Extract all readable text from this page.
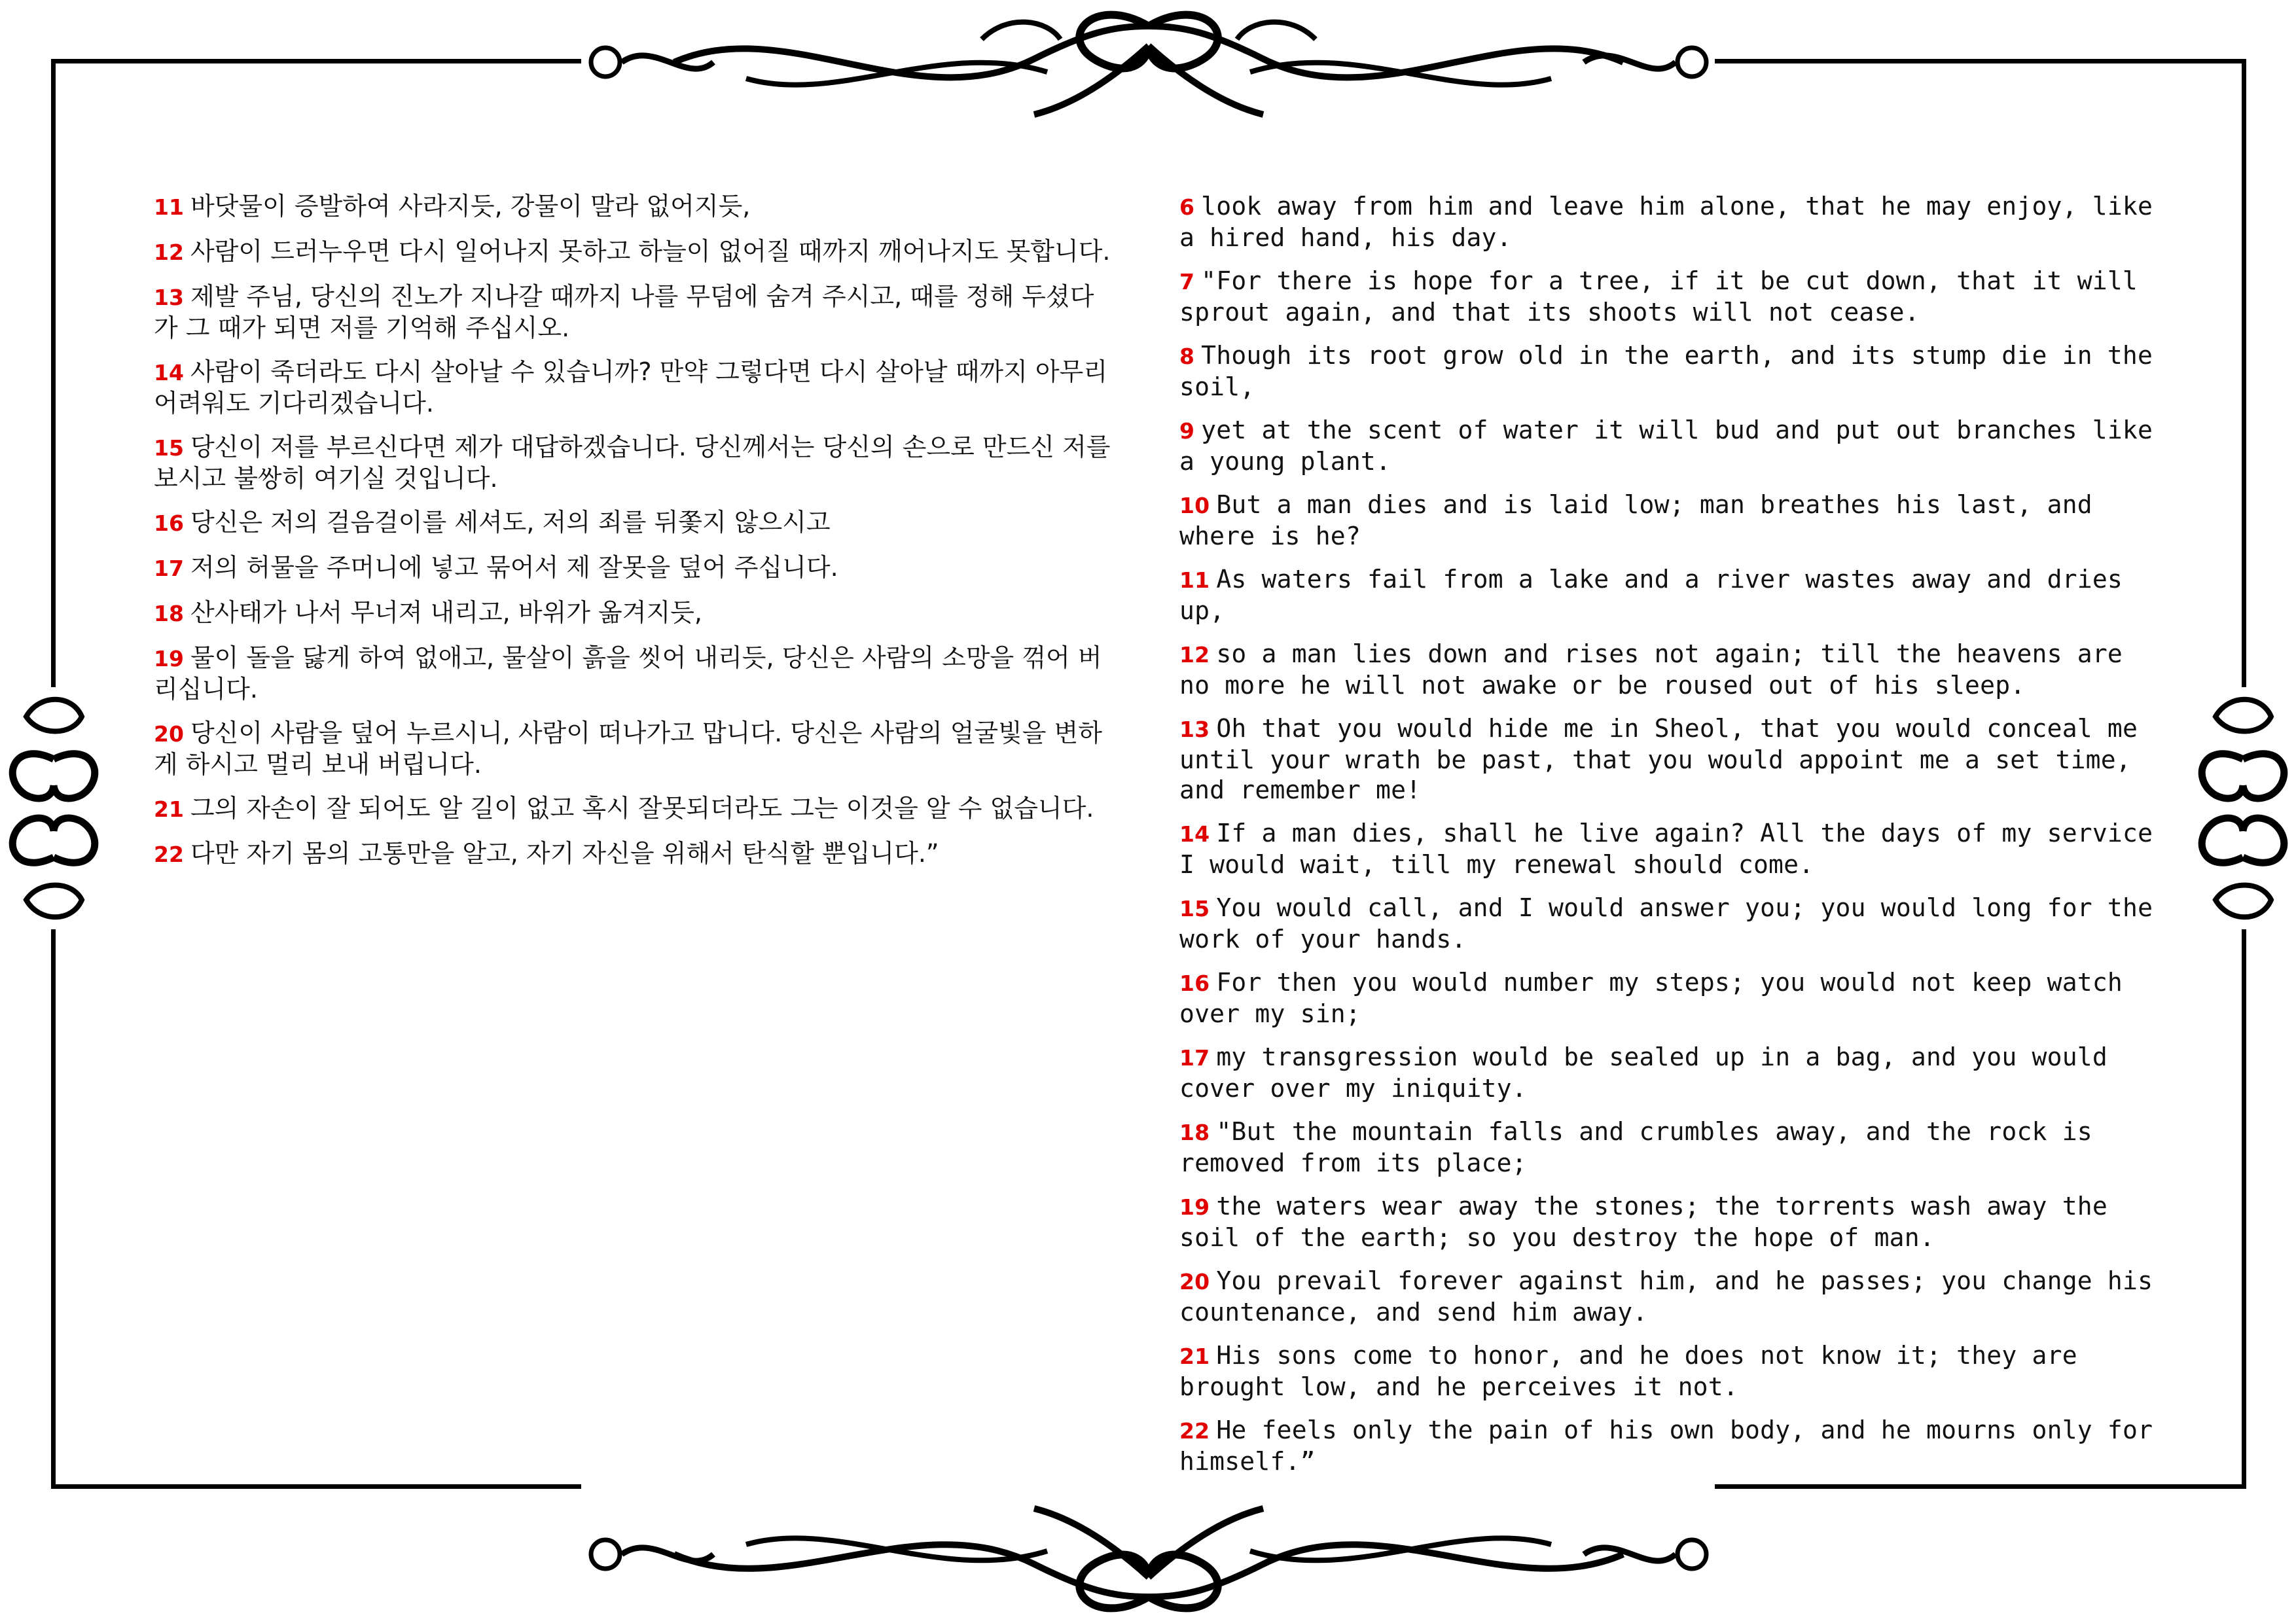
11 바닷물이 증발하여 사라지듯, 강물이 말라 없어지듯,

12 사람이 드러누우면 다시 일어나지 못하고 하늘이 없어질 때까지 깨어나지도 못합니다.

13 제발 주님, 당신의 진노가 지나갈 때까지 나를 무덤에 숨겨 주시고, 때를 정해 두셨다가 그 때가 되면 저를 기억해 주십시오.

14 사람이 죽더라도 다시 살아날 수 있습니까? 만약 그렇다면 다시 살아날 때까지 아무리 어려워도 기다리겠습니다.

15 당신이 저를 부르신다면 제가 대답하겠습니다. 당신께서는 당신의 손으로 만드신 저를 보시고 불쌍히 여기실 것입니다.

16 당신은 저의 걸음걸이를 세셔도, 저의 죄를 뒤쫓지 않으시고

17 저의 허물을 주머니에 넣고 묶어서 제 잘못을 덮어 주십니다.

18 산사태가 나서 무너져 내리고, 바위가 옮겨지듯,

19 물이 돌을 닳게 하여 없애고, 물살이 흙을 씻어 내리듯, 당신은 사람의 소망을 꺾어 버리십니다.

20 당신이 사람을 덮어 누르시니, 사람이 떠나가고 맙니다. 당신은 사람의 얼굴빛을 변하게 하시고 멀리 보내 버립니다.

21 그의 자손이 잘 되어도 알 길이 없고 혹시 잘못되더라도 그는 이것을 알 수 없습니다.

22 다만 자기 몸의 고통만을 알고, 자기 자신을 위해서 탄식할 뿐입니다.”

6 look away from him and leave him alone, that he may enjoy, like a hired hand, his day.

7 "For there is hope for a tree, if it be cut down, that it will sprout again, and that its shoots will not cease.

8 Though its root grow old in the earth, and its stump die in the soil,

9 yet at the scent of water it will bud and put out branches like a young plant.

10 But a man dies and is laid low; man breathes his last, and where is he?

11 As waters fail from a lake and a river wastes away and dries up,

12 so a man lies down and rises not again; till the heavens are no more he will not awake or be roused out of his sleep.

13 Oh that you would hide me in Sheol, that you would conceal me until your wrath be past, that you would appoint me a set time, and remember me!

14 If a man dies, shall he live again? All the days of my service I would wait, till my renewal should come.

15 You would call, and I would answer you; you would long for the work of your hands.

16 For then you would number my steps; you would not keep watch over my sin;

17 my transgression would be sealed up in a bag, and you would cover over my iniquity.

18 "But the mountain falls and crumbles away, and the rock is removed from its place;

19 the waters wear away the stones; the torrents wash away the soil of the earth; so you destroy the hope of man.

20 You prevail forever against him, and he passes; you change his countenance, and send him away.

21 His sons come to honor, and he does not know it; they are brought low, and he perceives it not.

22 He feels only the pain of his own body, and he mourns only for himself.”
